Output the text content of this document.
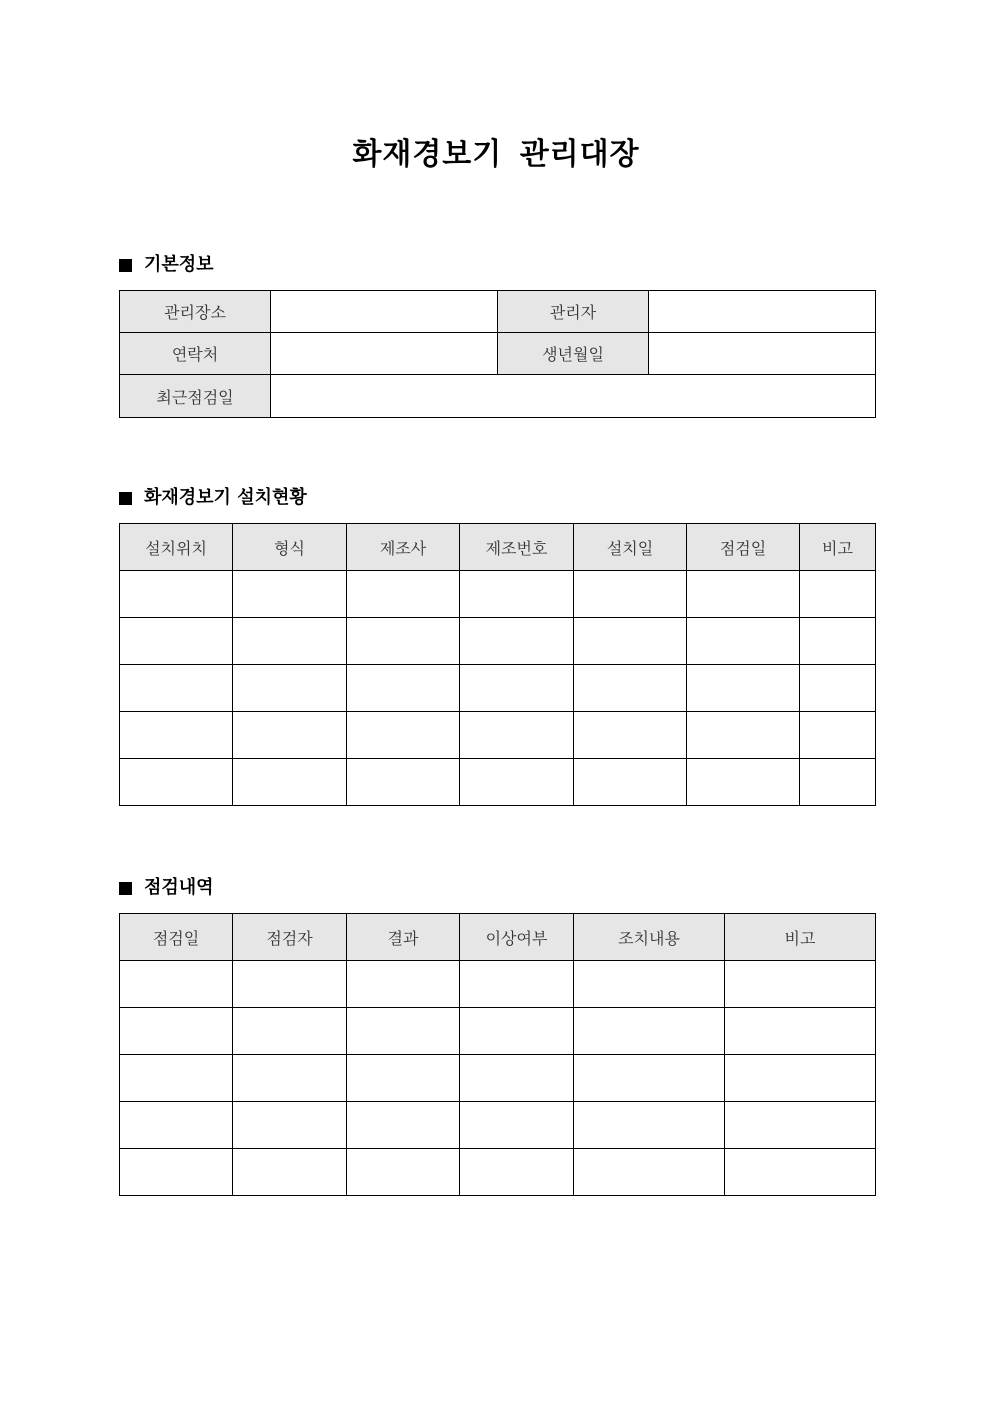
화재경보기 관리대장
기본정보
관리장소		관리자	
연락처		생년월일	
최근점검일			
화재경보기 설치현황
설치위치	형식	제조사	제조번호	설치일	점검일	비고

점검내역
점검일	점검자	결과	이상여부	조치내용	비고
